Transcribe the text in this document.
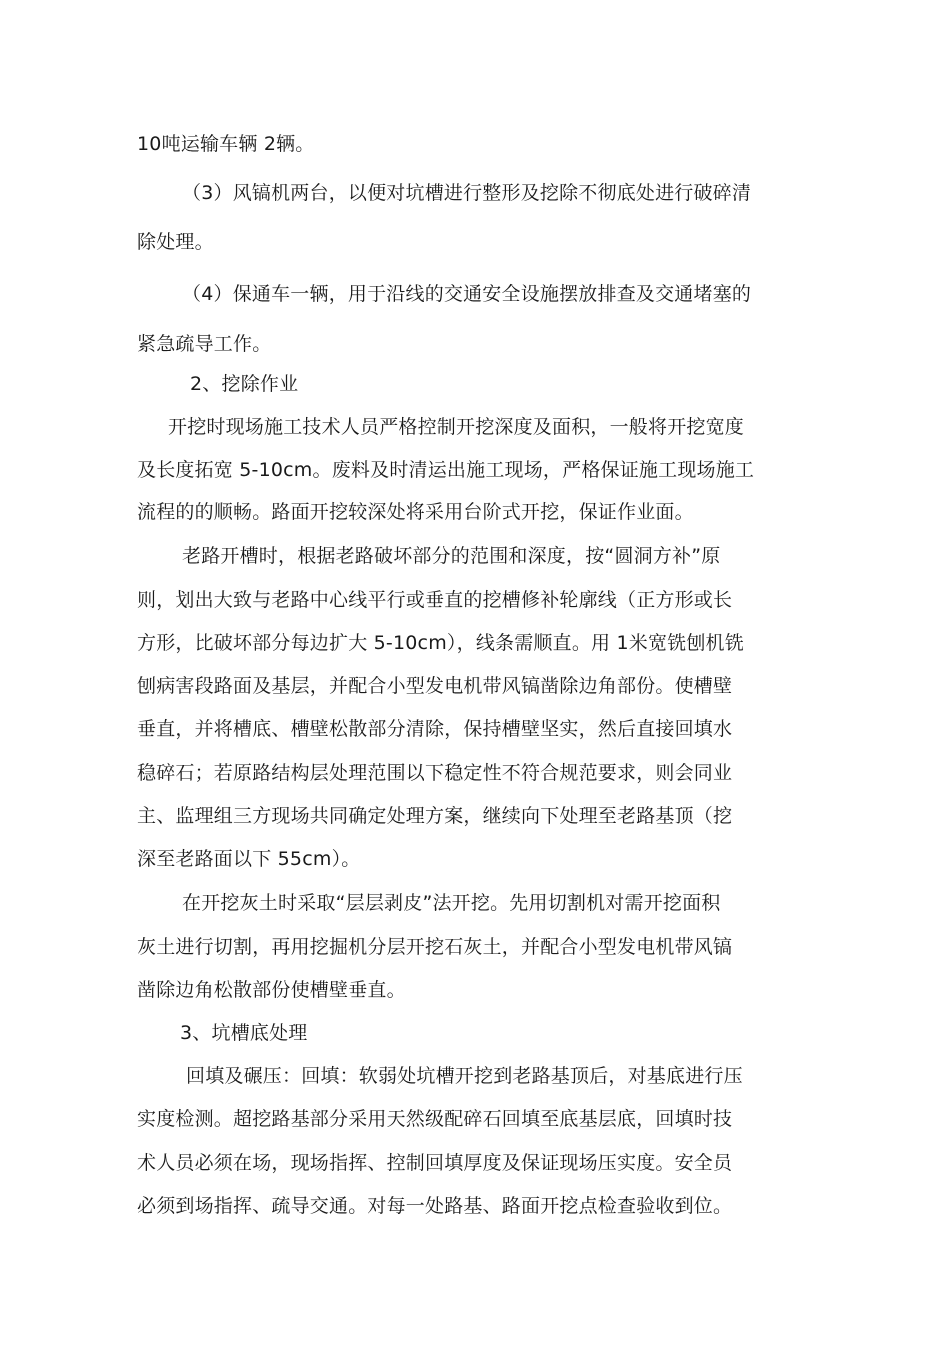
10吨运输车辆 2辆。
（3）风镐机两台，以便对坑槽进行整形及挖除不彻底处进行破碎清
除处理。
（4）保通车一辆，用于沿线的交通安全设施摆放排查及交通堵塞的
紧急疏导工作。
2、挖除作业
开挖时现场施工技术人员严格控制开挖深度及面积，一般将开挖宽度
及长度拓宽 5-10cm。废料及时清运出施工现场，严格保证施工现场施工
流程的的顺畅。路面开挖较深处将采用台阶式开挖，保证作业面。
老路开槽时，根据老路破坏部分的范围和深度，按“圆洞方补”原
则，划出大致与老路中心线平行或垂直的挖槽修补轮廓线（正方形或长
方形，比破坏部分每边扩大 5-10cm），线条需顺直。用 1米宽铣刨机铣
刨病害段路面及基层，并配合小型发电机带风镐凿除边角部份。使槽壁
垂直，并将槽底、槽壁松散部分清除，保持槽壁坚实，然后直接回填水
稳碎石；若原路结构层处理范围以下稳定性不符合规范要求，则会同业
主、监理组三方现场共同确定处理方案，继续向下处理至老路基顶（挖
深至老路面以下 55cm）。
在开挖灰土时采取“层层剥皮”法开挖。先用切割机对需开挖面积
灰土进行切割，再用挖掘机分层开挖石灰土，并配合小型发电机带风镐
凿除边角松散部份使槽壁垂直。
3、坑槽底处理
回填及碾压：回填：软弱处坑槽开挖到老路基顶后，对基底进行压
实度检测。超挖路基部分采用天然级配碎石回填至底基层底，回填时技
术人员必须在场，现场指挥、控制回填厚度及保证现场压实度。安全员
必须到场指挥、疏导交通。对每一处路基、路面开挖点检查验收到位。
